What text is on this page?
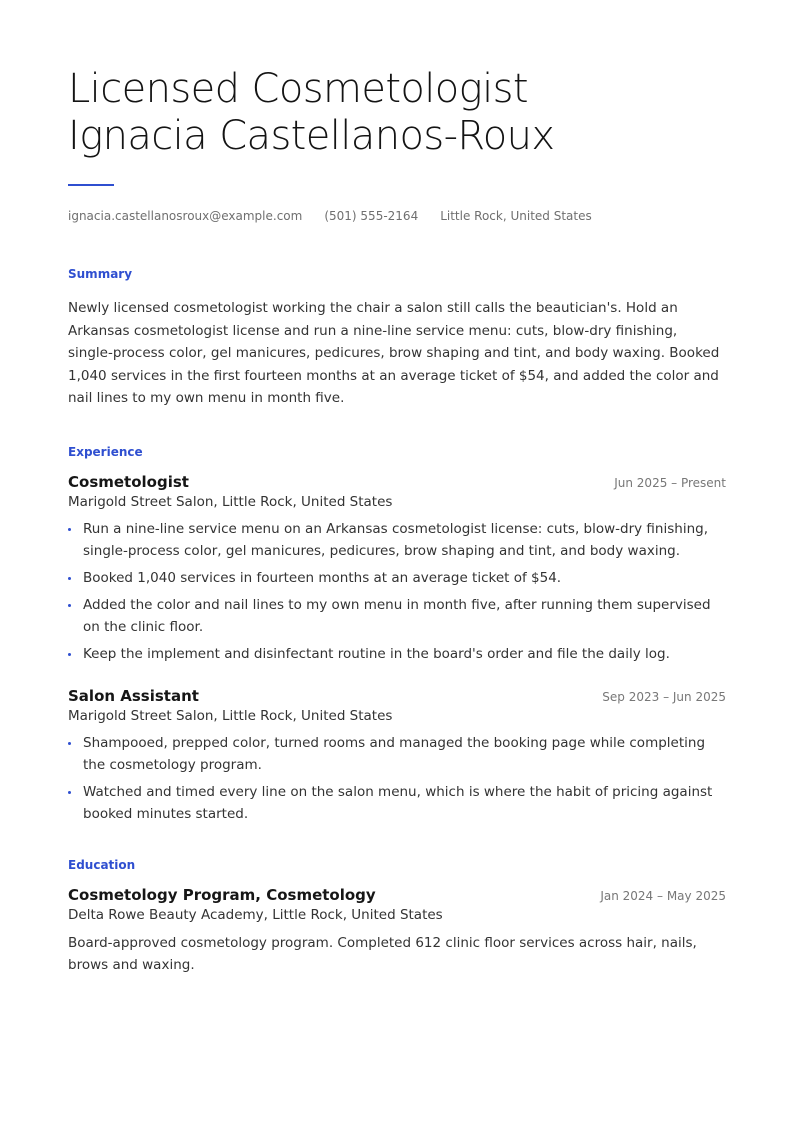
Licensed Cosmetologist
Ignacia Castellanos-Roux
ignacia.castellanosroux@example.com (501) 555-2164 Little Rock, United States
Summary

Newly licensed cosmetologist working the chair a salon still calls the beautician's. Hold an Arkansas cosmetologist license and run a nine-line service menu: cuts, blow-dry finishing, single-process color, gel manicures, pedicures, brow shaping and tint, and body waxing. Booked 1,040 services in the first fourteen months at an average ticket of $54, and added the color and nail lines to my own menu in month five.

Experience
Cosmetologist	Jun 2025 – Present
Marigold Street Salon, Little Rock, United States
Run a nine-line service menu on an Arkansas cosmetologist license: cuts, blow-dry finishing, single-process color, gel manicures, pedicures, brow shaping and tint, and body waxing.
Booked 1,040 services in fourteen months at an average ticket of $54.
Added the color and nail lines to my own menu in month five, after running them supervised on the clinic floor.
Keep the implement and disinfectant routine in the board's order and file the daily log.
Salon Assistant	Sep 2023 – Jun 2025
Marigold Street Salon, Little Rock, United States
Shampooed, prepped color, turned rooms and managed the booking page while completing the cosmetology program.
Watched and timed every line on the salon menu, which is where the habit of pricing against booked minutes started.
Education
Cosmetology Program, Cosmetology	Jan 2024 – May 2025
Delta Rowe Beauty Academy, Little Rock, United States
Board-approved cosmetology program. Completed 612 clinic floor services across hair, nails, brows and waxing.
